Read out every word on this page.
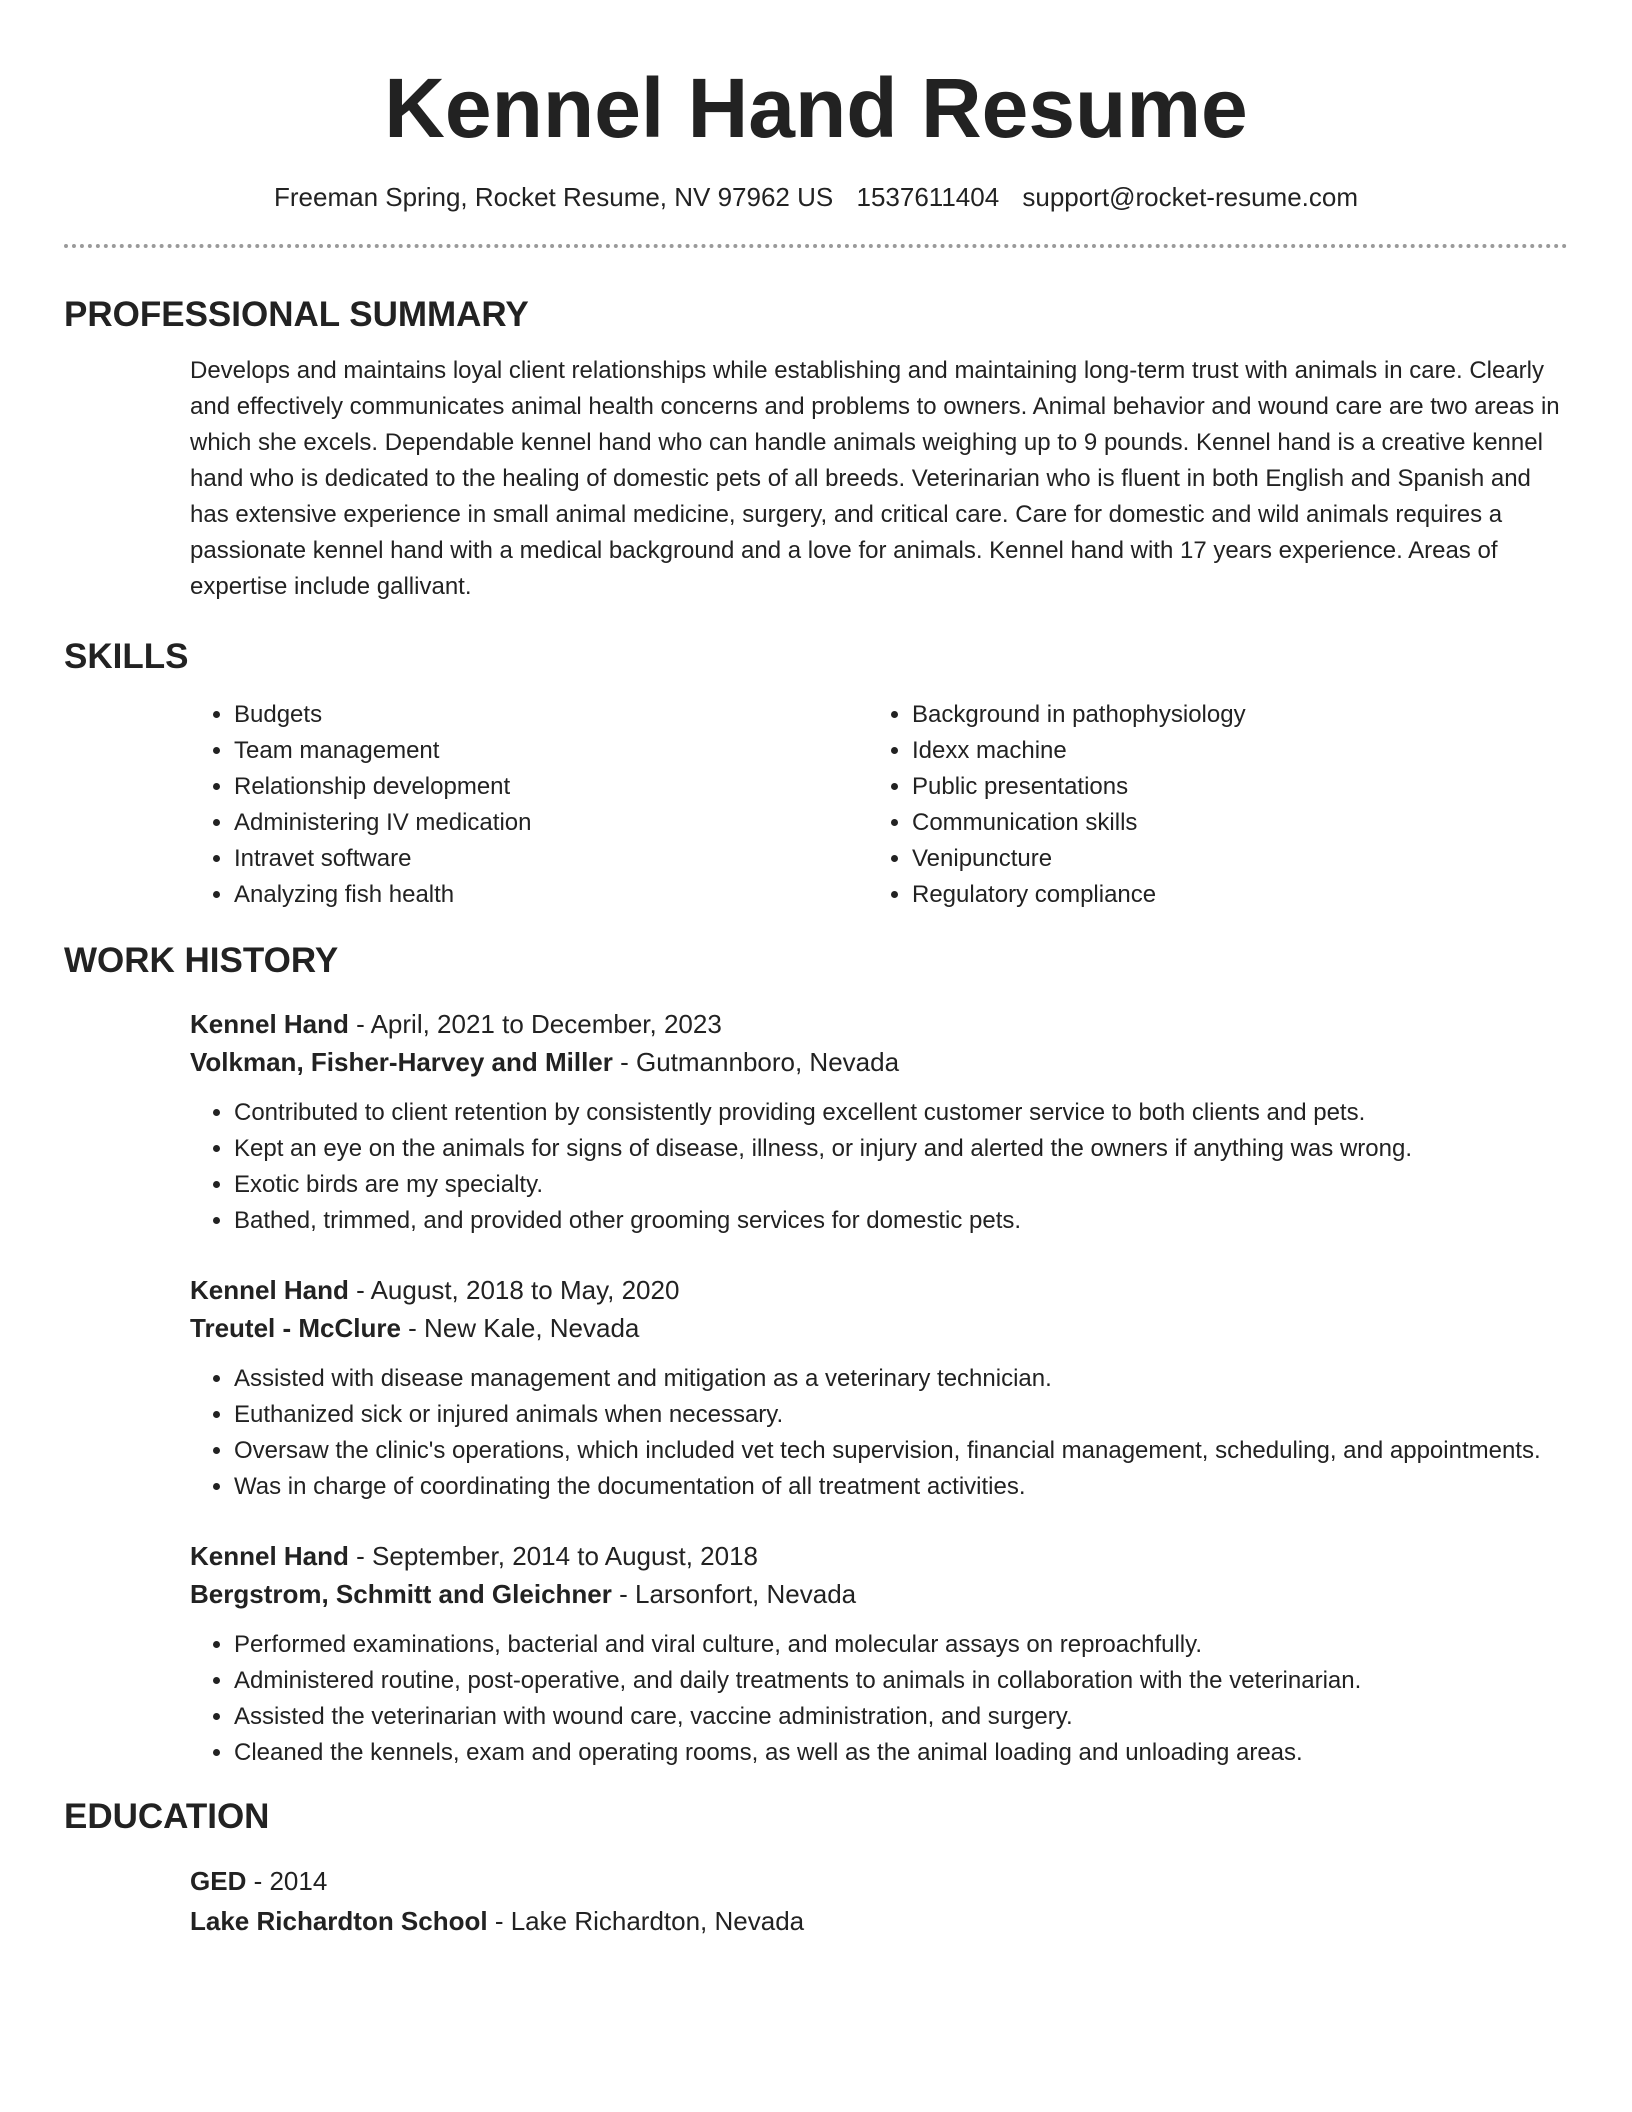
Kennel Hand Resume
Freeman Spring, Rocket Resume, NV 97962 US 1537611404 support@rocket-resume.com
PROFESSIONAL SUMMARY
Develops and maintains loyal client relationships while establishing and maintaining long-term trust with animals in care. Clearly and effectively communicates animal health concerns and problems to owners. Animal behavior and wound care are two areas in which she excels. Dependable kennel hand who can handle animals weighing up to 9 pounds. Kennel hand is a creative kennel hand who is dedicated to the healing of domestic pets of all breeds. Veterinarian who is fluent in both English and Spanish and has extensive experience in small animal medicine, surgery, and critical care. Care for domestic and wild animals requires a passionate kennel hand with a medical background and a love for animals. Kennel hand with 17 years experience. Areas of expertise include gallivant.
SKILLS
• Budgets
• Team management
• Relationship development
• Administering IV medication
• Intravet software
• Analyzing fish health
• Background in pathophysiology
• Idexx machine
• Public presentations
• Communication skills
• Venipuncture
• Regulatory compliance
WORK HISTORY
Kennel Hand - April, 2021 to December, 2023
Volkman, Fisher-Harvey and Miller - Gutmannboro, Nevada
• Contributed to client retention by consistently providing excellent customer service to both clients and pets.
• Kept an eye on the animals for signs of disease, illness, or injury and alerted the owners if anything was wrong.
• Exotic birds are my specialty.
• Bathed, trimmed, and provided other grooming services for domestic pets.
Kennel Hand - August, 2018 to May, 2020
Treutel - McClure - New Kale, Nevada
• Assisted with disease management and mitigation as a veterinary technician.
• Euthanized sick or injured animals when necessary.
• Oversaw the clinic's operations, which included vet tech supervision, financial management, scheduling, and appointments.
• Was in charge of coordinating the documentation of all treatment activities.
Kennel Hand - September, 2014 to August, 2018
Bergstrom, Schmitt and Gleichner - Larsonfort, Nevada
• Performed examinations, bacterial and viral culture, and molecular assays on reproachfully.
• Administered routine, post-operative, and daily treatments to animals in collaboration with the veterinarian.
• Assisted the veterinarian with wound care, vaccine administration, and surgery.
• Cleaned the kennels, exam and operating rooms, as well as the animal loading and unloading areas.
EDUCATION
GED - 2014
Lake Richardton School - Lake Richardton, Nevada
